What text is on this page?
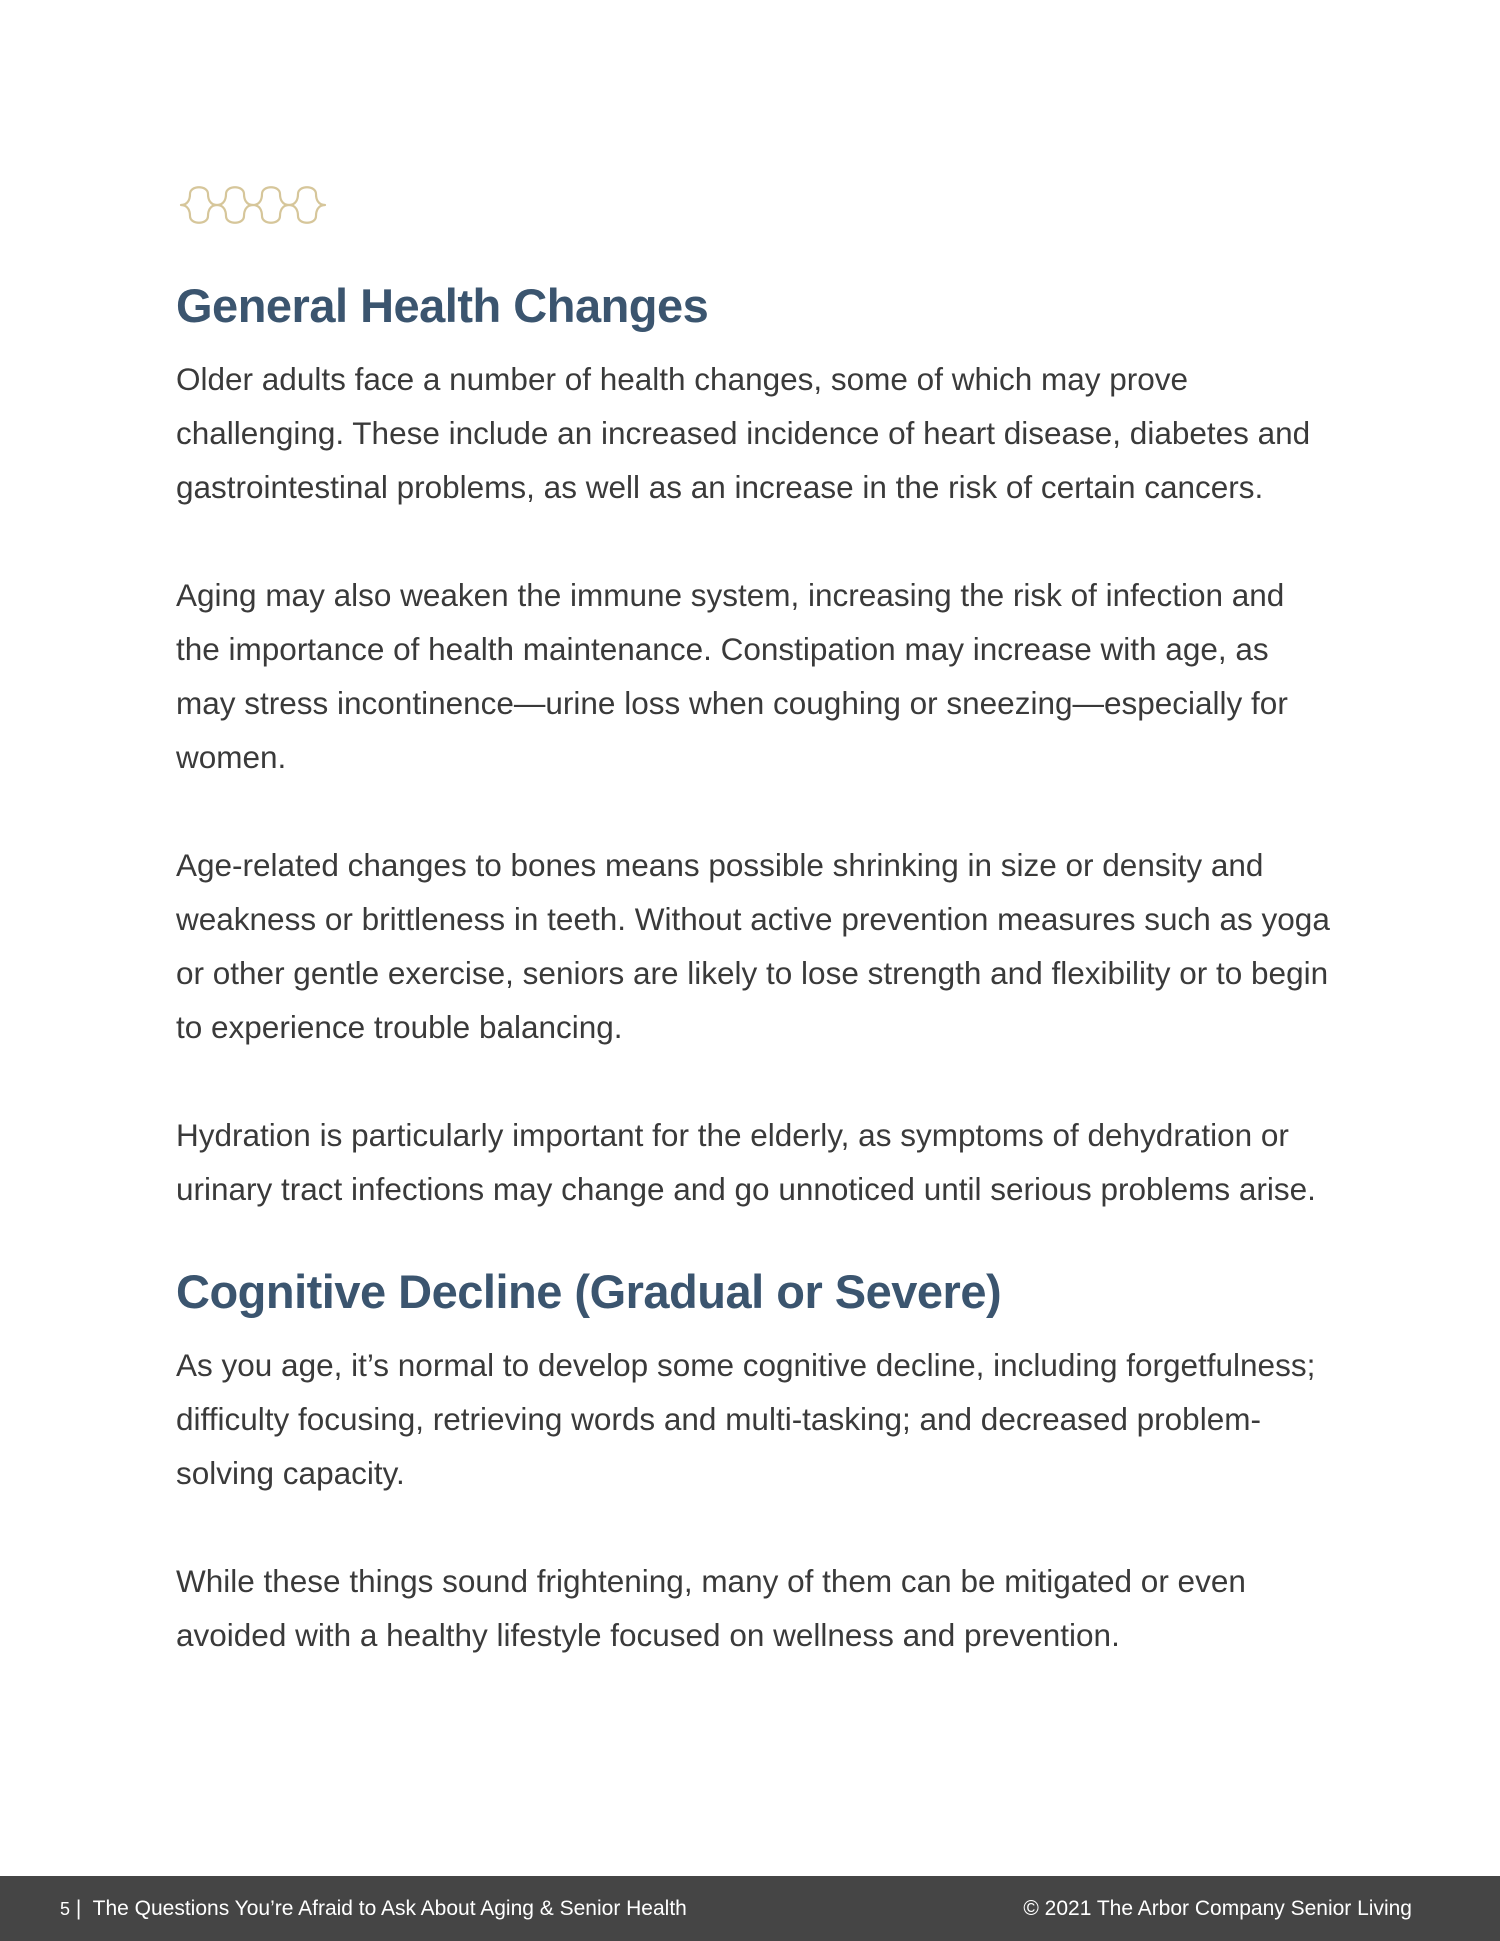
General Health Changes

Older adults face a number of health changes, some of which may prove challenging. These include an increased incidence of heart disease, diabetes and gastrointestinal problems, as well as an increase in the risk of certain cancers.

Aging may also weaken the immune system, increasing the risk of infection and the importance of health maintenance. Constipation may increase with age, as may stress incontinence—urine loss when coughing or sneezing—especially for women.

Age-related changes to bones means possible shrinking in size or density and weakness or brittleness in teeth. Without active prevention measures such as yoga or other gentle exercise, seniors are likely to lose strength and flexibility or to begin to experience trouble balancing.

Hydration is particularly important for the elderly, as symptoms of dehydration or urinary tract infections may change and go unnoticed until serious problems arise.

Cognitive Decline (Gradual or Severe)

As you age, it’s normal to develop some cognitive decline, including forgetfulness; difficulty focusing, retrieving words and multi-tasking; and decreased problem-solving capacity.

While these things sound frightening, many of them can be mitigated or even avoided with a healthy lifestyle focused on wellness and prevention.

5 | The Questions You’re Afraid to Ask About Aging & Senior Health	© 2021 The Arbor Company Senior Living
